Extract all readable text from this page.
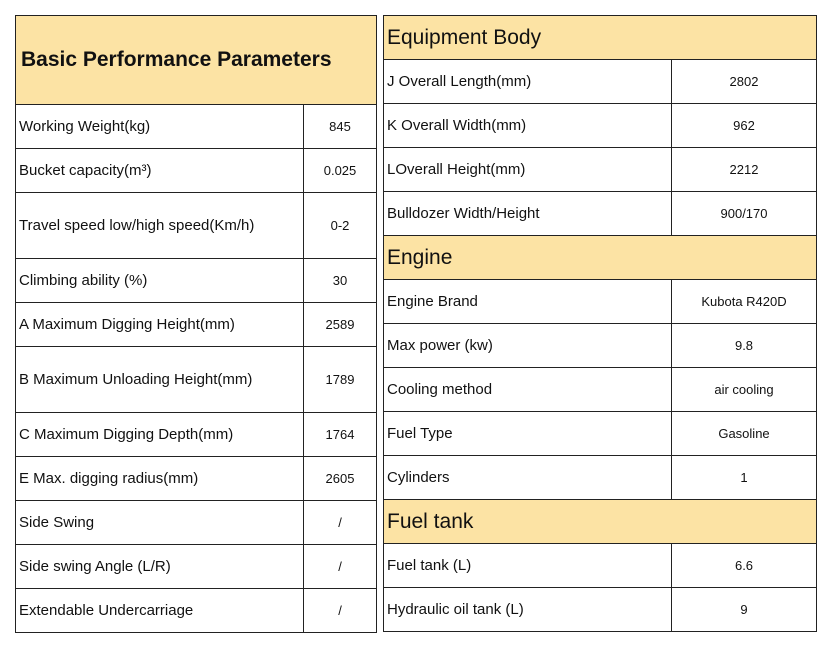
Basic Performance Parameters	
Working Weight(kg)	845
Bucket capacity(m³)	0.025
Travel speed low/high speed(Km/h)	0-2
Climbing ability (%)	30
A Maximum Digging Height(mm)	2589
B Maximum Unloading Height(mm)	1789
C Maximum Digging Depth(mm)	1764
E Max. digging radius(mm)	2605
Side Swing	/
Side swing Angle (L/R)	/
Extendable Undercarriage	/
Equipment Body	
J Overall Length(mm)	2802
K Overall Width(mm)	962
LOverall Height(mm)	2212
Bulldozer Width/Height	900/170
Engine	
Engine Brand	Kubota R420D
Max power (kw)	9.8
Cooling method	air cooling
Fuel Type	Gasoline
Cylinders	1
Fuel tank	
Fuel tank (L)	6.6
Hydraulic oil tank (L)	9
